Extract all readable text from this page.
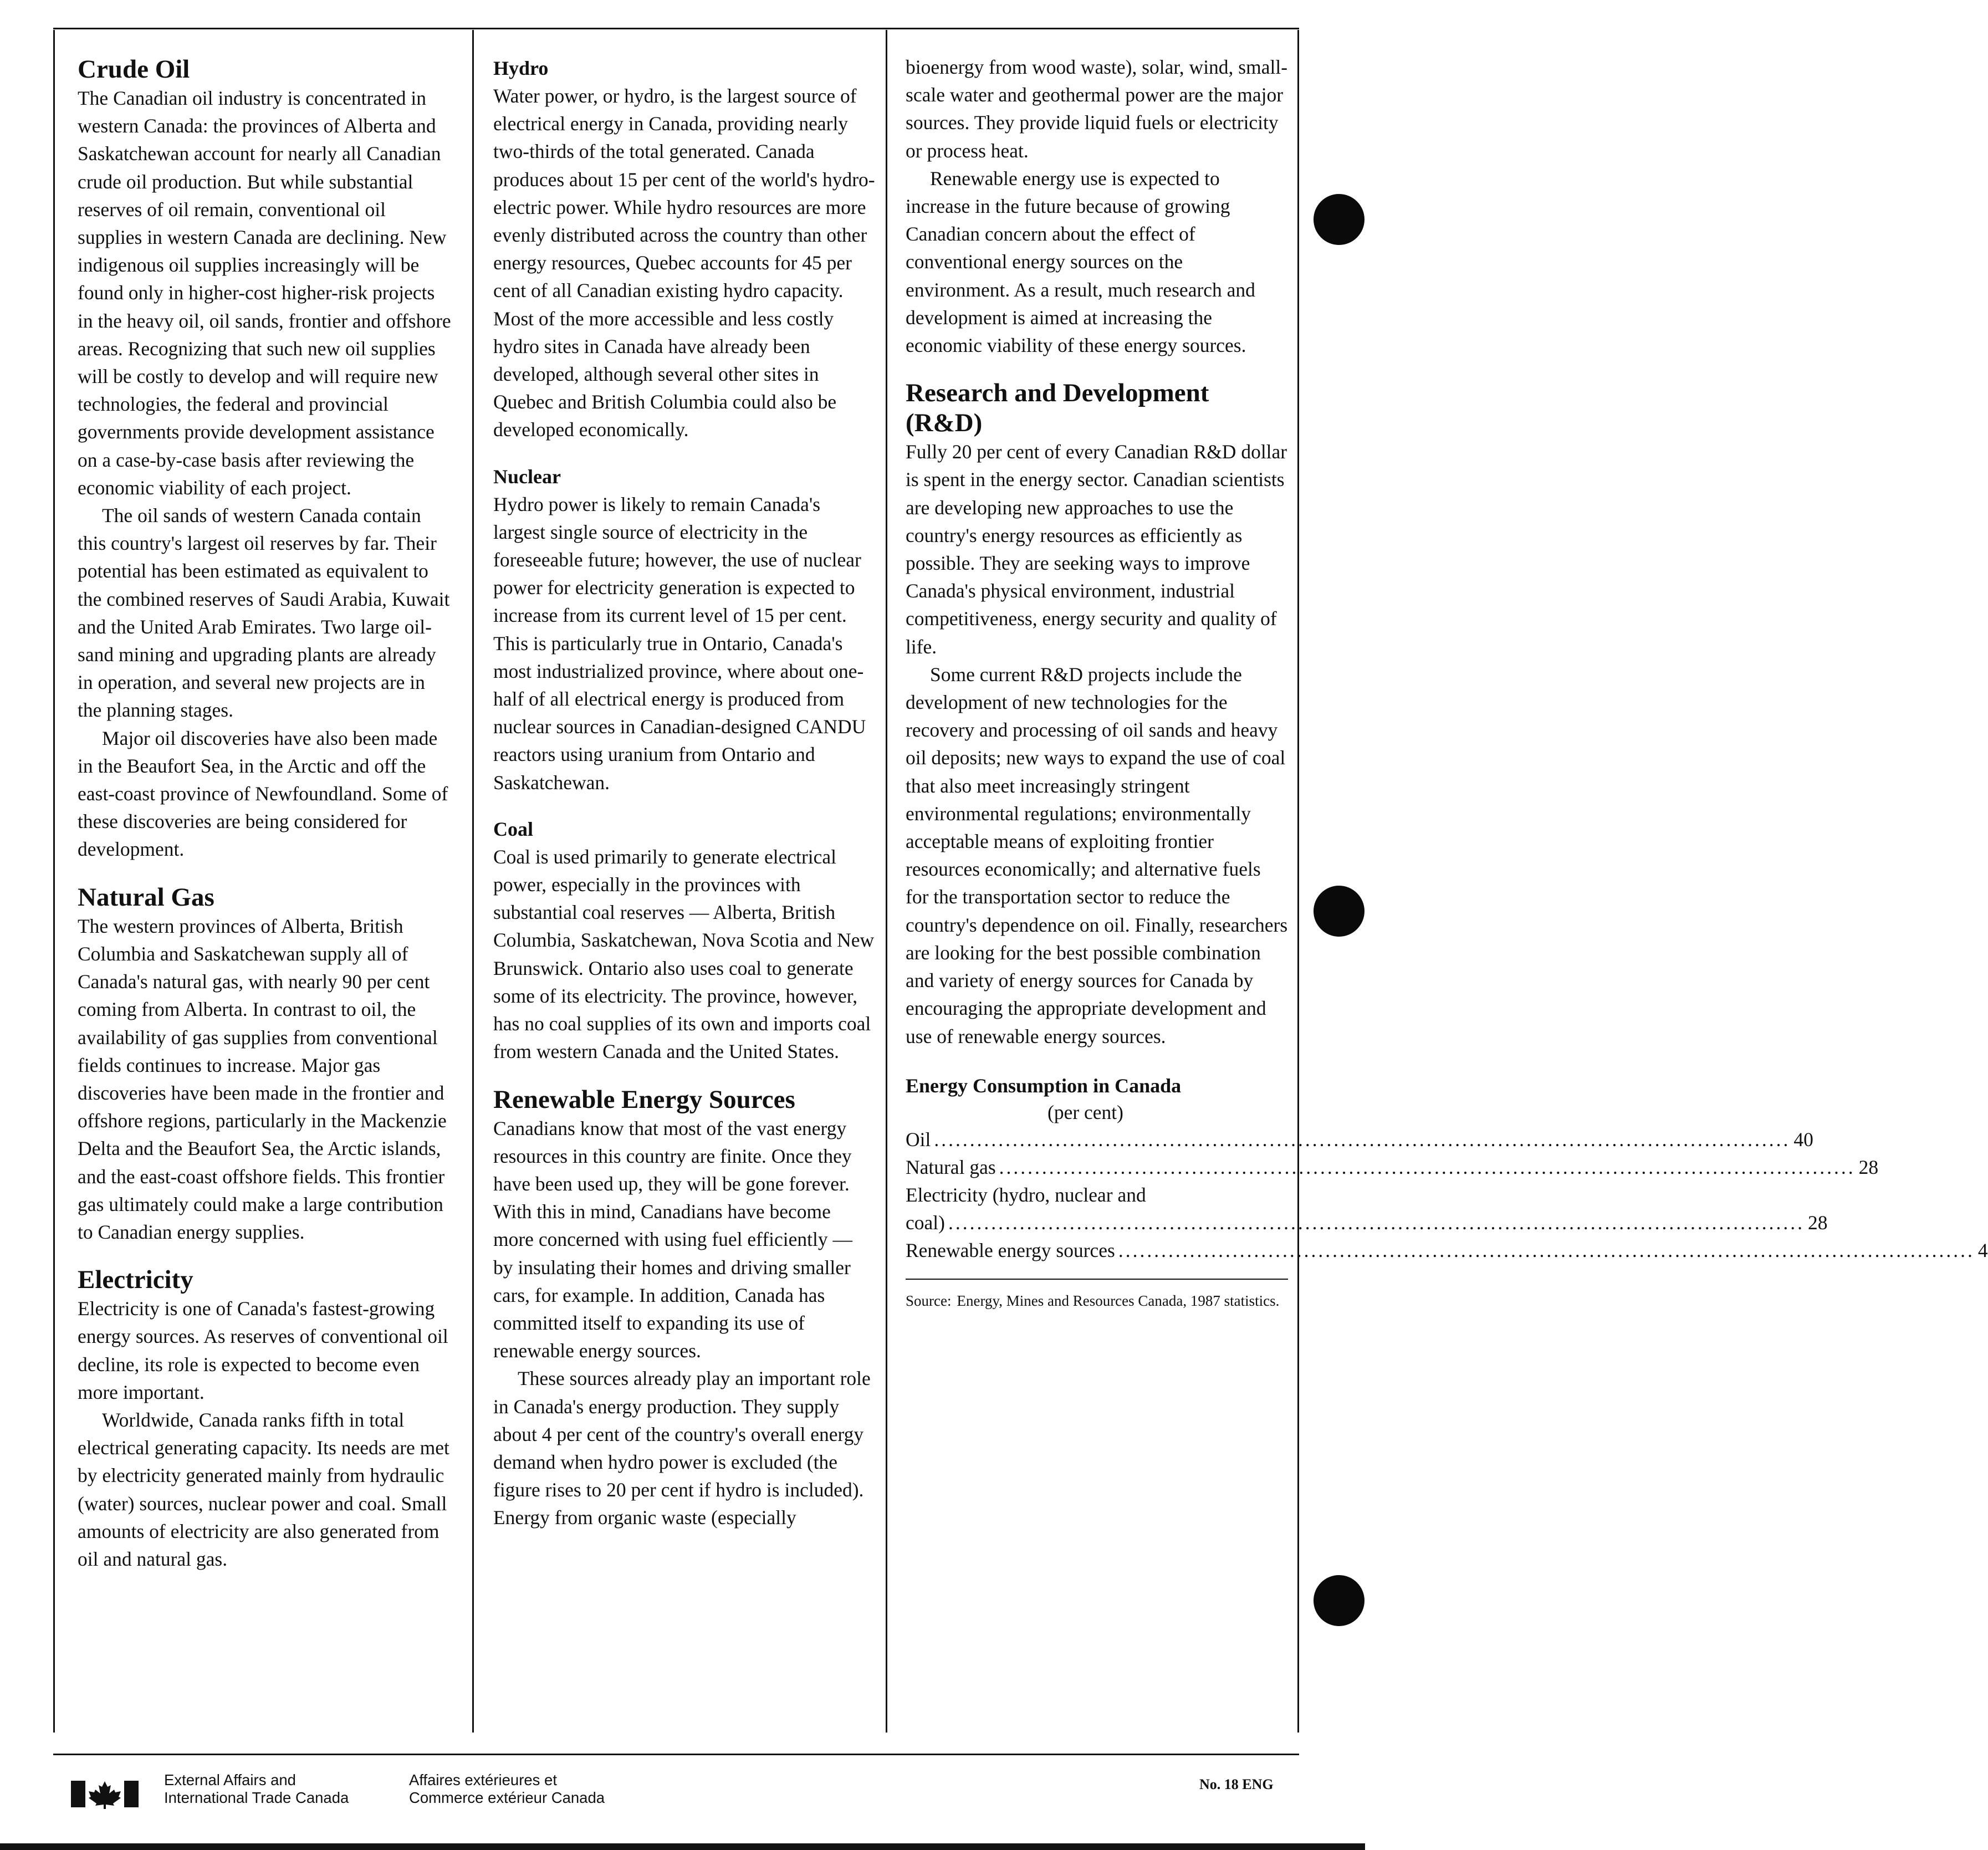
Crude Oil

The Canadian oil industry is concentrated in western Canada: the provinces of Alberta and Saskatchewan account for nearly all Canadian crude oil production. But while substantial reserves of oil remain, conventional oil supplies in western Canada are declining. New indigenous oil supplies increasingly will be found only in higher-cost higher-risk projects in the heavy oil, oil sands, frontier and offshore areas. Recognizing that such new oil supplies will be costly to develop and will require new technologies, the federal and provincial governments provide development assistance on a case-by-case basis after reviewing the economic viability of each project.

The oil sands of western Canada contain this country's largest oil reserves by far. Their potential has been estimated as equivalent to the combined reserves of Saudi Arabia, Kuwait and the United Arab Emirates. Two large oil-sand mining and upgrading plants are already in operation, and several new projects are in the planning stages.

Major oil discoveries have also been made in the Beaufort Sea, in the Arctic and off the east-coast province of Newfoundland. Some of these discoveries are being considered for development.

Natural Gas

The western provinces of Alberta, British Columbia and Saskatchewan supply all of Canada's natural gas, with nearly 90 per cent coming from Alberta. In contrast to oil, the availability of gas supplies from conventional fields continues to increase. Major gas discoveries have been made in the frontier and offshore regions, particularly in the Mackenzie Delta and the Beaufort Sea, the Arctic islands, and the east-coast offshore fields. This frontier gas ultimately could make a large contribution to Canadian energy supplies.

Electricity

Electricity is one of Canada's fastest-growing energy sources. As reserves of conventional oil decline, its role is expected to become even more important.

Worldwide, Canada ranks fifth in total electrical generating capacity. Its needs are met by electricity generated mainly from hydraulic (water) sources, nuclear power and coal. Small amounts of electricity are also generated from oil and natural gas.

Hydro

Water power, or hydro, is the largest source of electrical energy in Canada, providing nearly two-thirds of the total generated. Canada produces about 15 per cent of the world's hydro-electric power. While hydro resources are more evenly distributed across the country than other energy resources, Quebec accounts for 45 per cent of all Canadian existing hydro capacity. Most of the more accessible and less costly hydro sites in Canada have already been developed, although several other sites in Quebec and British Columbia could also be developed economically.

Nuclear

Hydro power is likely to remain Canada's largest single source of electricity in the foreseeable future; however, the use of nuclear power for electricity generation is expected to increase from its current level of 15 per cent. This is particularly true in Ontario, Canada's most industrialized province, where about one-half of all electrical energy is produced from nuclear sources in Canadian-designed CANDU reactors using uranium from Ontario and Saskatchewan.

Coal

Coal is used primarily to generate electrical power, especially in the provinces with substantial coal reserves — Alberta, British Columbia, Saskatchewan, Nova Scotia and New Brunswick. Ontario also uses coal to generate some of its electricity. The province, however, has no coal supplies of its own and imports coal from western Canada and the United States.

Renewable Energy Sources

Canadians know that most of the vast energy resources in this country are finite. Once they have been used up, they will be gone forever. With this in mind, Canadians have become more concerned with using fuel efficiently — by insulating their homes and driving smaller cars, for example. In addition, Canada has committed itself to expanding its use of renewable energy sources.

These sources already play an important role in Canada's energy production. They supply about 4 per cent of the country's overall energy demand when hydro power is excluded (the figure rises to 20 per cent if hydro is included). Energy from organic waste (especially

bioenergy from wood waste), solar, wind, small-scale water and geothermal power are the major sources. They provide liquid fuels or electricity or process heat.

Renewable energy use is expected to increase in the future because of growing Canadian concern about the effect of conventional energy sources on the environment. As a result, much research and development is aimed at increasing the economic viability of these energy sources.

Research and Development (R&D)

Fully 20 per cent of every Canadian R&D dollar is spent in the energy sector. Canadian scientists are developing new approaches to use the country's energy resources as efficiently as possible. They are seeking ways to improve Canada's physical environment, industrial competitiveness, energy security and quality of life.

Some current R&D projects include the development of new technologies for the recovery and processing of oil sands and heavy oil deposits; new ways to expand the use of coal that also meet increasingly stringent environmental regulations; environmentally acceptable means of exploiting frontier resources economically; and alternative fuels for the transportation sector to reduce the country's dependence on oil. Finally, researchers are looking for the best possible combination and variety of energy sources for Canada by encouraging the appropriate development and use of renewable energy sources.

Energy Consumption in Canada

(per cent)

Oil ........................................................................................................................ 40
Natural gas ........................................................................................................................ 28
Electricity (hydro, nuclear and
coal) ........................................................................................................................ 28
Renewable energy sources ........................................................................................................................ 4
Source: Energy, Mines and Resources Canada, 1987 statistics.
External Affairs and
International Trade Canada
Affaires extérieures et
Commerce extérieur Canada
No. 18 ENG
